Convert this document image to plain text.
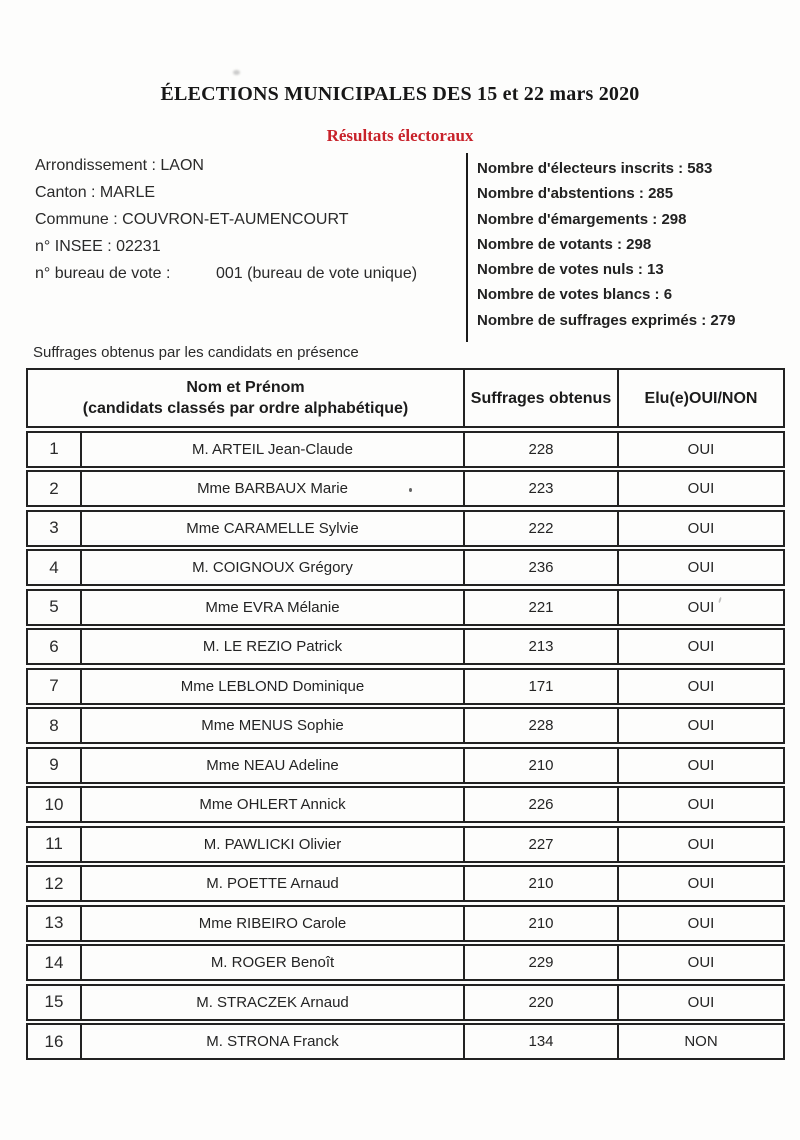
ÉLECTIONS MUNICIPALES DES 15 et 22 mars 2020
Résultats électoraux
Arrondissement : LAON
Canton : MARLE
Commune : COUVRON-ET-AUMENCOURT
n° INSEE : 02231
n° bureau de vote :	001 (bureau de vote unique)
Nombre d'électeurs inscrits : 583
Nombre d'abstentions : 285
Nombre d'émargements : 298
Nombre de votants : 298
Nombre de votes nuls : 13
Nombre de votes blancs : 6
Nombre de suffrages exprimés : 279
Suffrages obtenus par les candidats en présence
Nom et Prénom
(candidats classés par ordre alphabétique)
Suffrages obtenus	Elu(e)OUI/NON
1	M. ARTEIL Jean-Claude	228	OUI
2	Mme BARBAUX Marie	223	OUI
3	Mme CARAMELLE Sylvie	222	OUI
4	M. COIGNOUX Grégory	236	OUI
5	Mme EVRA Mélanie	221	OUI
6	M. LE REZIO Patrick	213	OUI
7	Mme LEBLOND Dominique	171	OUI
8	Mme MENUS Sophie	228	OUI
9	Mme NEAU Adeline	210	OUI
10	Mme OHLERT Annick	226	OUI
11	M. PAWLICKI Olivier	227	OUI
12	M. POETTE Arnaud	210	OUI
13	Mme RIBEIRO Carole	210	OUI
14	M. ROGER Benoît	229	OUI
15	M. STRACZEK Arnaud	220	OUI
16	M. STRONA Franck	134	NON
